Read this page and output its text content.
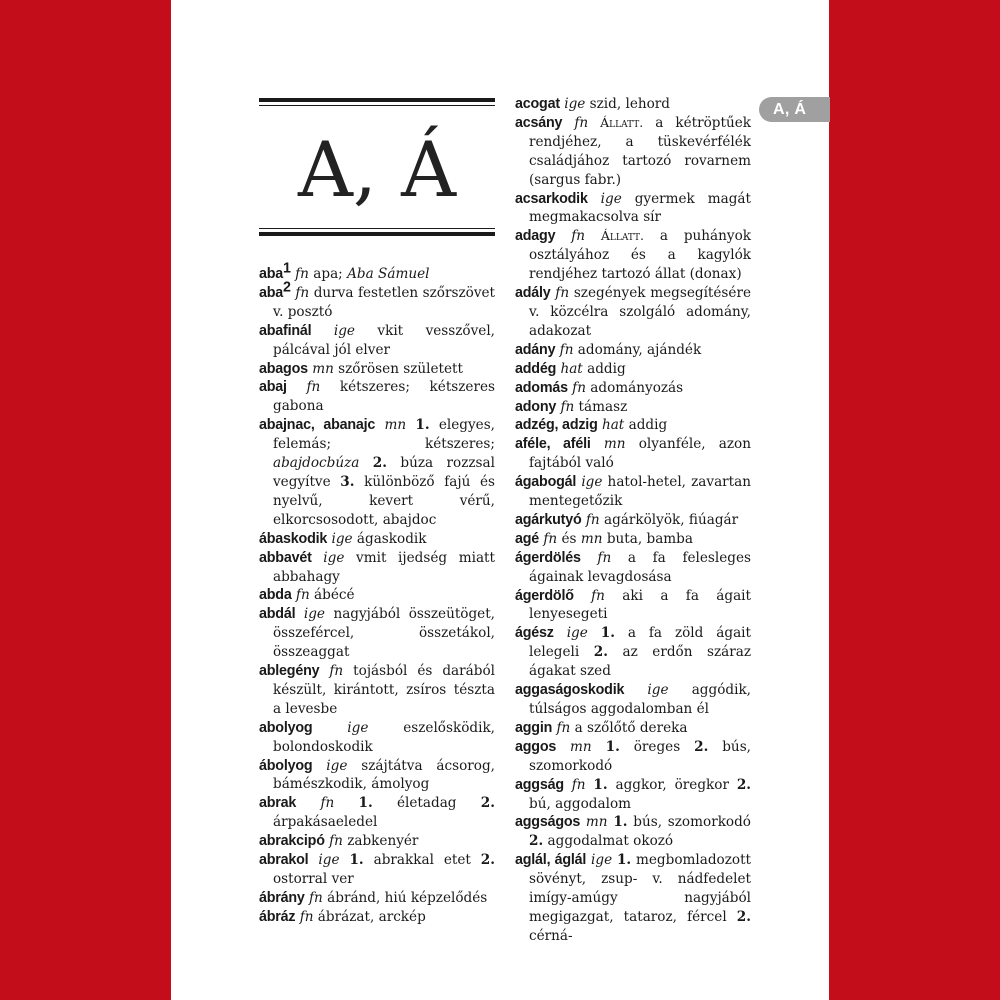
A, Á
A, Á
aba$^1$ fn apa; Aba Sámuel
aba$^2$ fn durva festetlen szőrszövet v. posztó
abafinál ige vkit vesszővel, pálcával jól elver
abagos mn szőrösen született
abaj fn kétszeres; kétszeres gabona
abajnac, abanajc mn 1. elegyes, felemás; kétszeres; abajdocbúza 2. búza rozzsal vegyítve 3. különböző fajú és nyelvű, kevert vérű, elkorcsosodott, abajdoc
ábaskodik ige ágaskodik
abbavét ige vmit ijedség miatt abbahagy
abda fn ábécé
abdál ige nagyjából összeütöget, összefércel, összetákol, összeaggat
ablegény fn tojásból és darából készült, kirántott, zsíros tészta a levesbe
abolyog	ige eszelősködik, bolondoskodik
ábolyog ige szájtátva ácsorog, bámészkodik, ámolyog
abrak fn 1. életadag 2. árpakásaeledel
abrakcipó fn zabkenyér
abrakol ige 1. abrakkal etet 2. ostorral ver
ábrány fn ábránd, hiú képzelődés
ábráz fn ábrázat, arckép
acogat ige szid, lehord
acsány fn Állatt. a kétröptűek rendjéhez, a tüskevérfélék családjához tartozó rovarnem (sargus fabr.)
acsarkodik ige gyermek magát megmakacsolva sír
adagy fn Állatt. a puhányok osztályához és a kagylók rendjéhez tartozó állat (donax)
adály fn szegények megsegítésére v. közcélra szolgáló adomány, adakozat
adány fn adomány, ajándék
addég hat addig
adomás fn adományozás
adony fn támasz
adzég, adzig hat addig
aféle, aféli mn olyanféle, azon fajtából való
ágabogál ige hatol-hetel, zavartan mentegetőzik
agárkutyó fn agárkölyök, fiúagár
agé fn és mn buta, bamba
ágerdölés fn a fa felesleges ágainak levagdosása
ágerdölő fn aki a fa ágait lenyesegeti
ágész ige 1. a fa zöld ágait lelegeli 2. az erdőn száraz ágakat szed
aggaságoskodik ige aggódik, túlságos aggodalomban él
aggin fn a szőlőtő dereka
aggos mn 1. öreges 2. bús, szomorkodó
aggság fn 1. aggkor, öregkor 2. bú, aggodalom
aggságos mn 1. bús, szomorkodó 2. aggodalmat okozó
aglál, áglál ige 1. megbomladozott sövényt, zsup- v. nádfedelet imígy-amúgy nagyjából megigazgat, tataroz, fércel 2. cérná-
